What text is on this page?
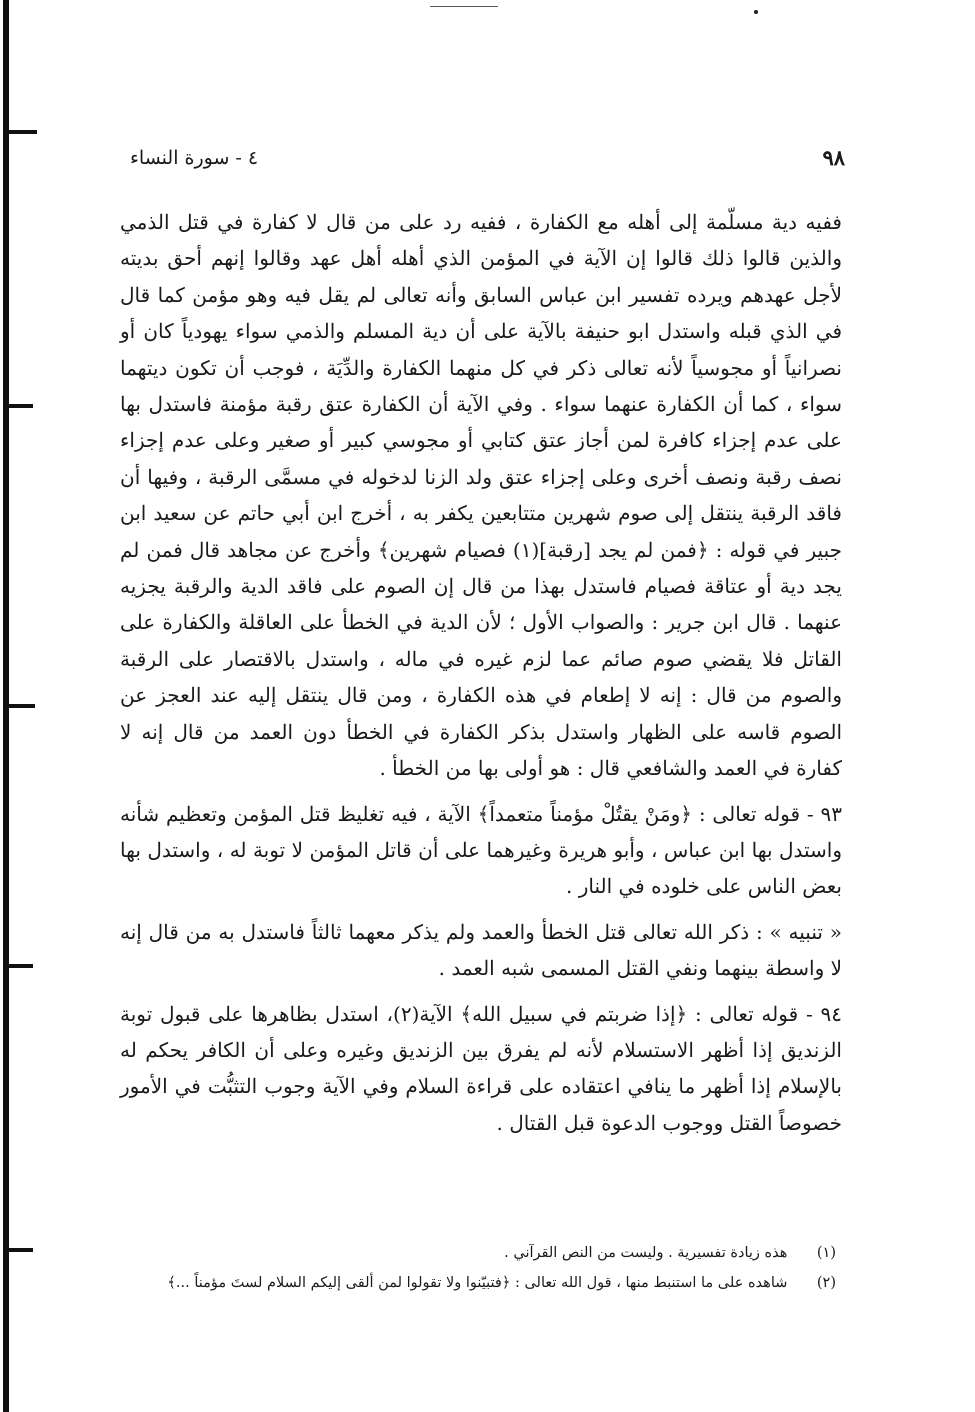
٩٨
٤ - سورة النساء

ففيه دية مسلّمة إلى أهله مع الكفارة ، ففيه رد على من قال لا كفارة في قتل الذمي والذين قالوا ذلك قالوا إن الآية في المؤمن الذي أهله أهل عهد وقالوا إنهم أحق بديته لأجل عهدهم ويرده تفسير ابن عباس السابق وأنه تعالى لم يقل فيه وهو مؤمن كما قال في الذي قبله واستدل ابو حنيفة بالآية على أن دية المسلم والذمي سواء يهودياً كان أو نصرانياً أو مجوسياً لأنه تعالى ذكر في كل منهما الكفارة والدِّيَة ، فوجب أن تكون ديتهما سواء ، كما أن الكفارة عنهما سواء . وفي الآية أن الكفارة عتق رقبة مؤمنة فاستدل بها على عدم إجزاء كافرة لمن أجاز عتق كتابي أو مجوسي كبير أو صغير وعلى عدم إجزاء نصف رقبة ونصف أخرى وعلى إجزاء عتق ولد الزنا لدخوله في مسمَّى الرقبة ، وفيها أن فاقد الرقبة ينتقل إلى صوم شهرين متتابعين يكفر به ، أخرج ابن أبي حاتم عن سعيد ابن جبير في قوله : ﴿فمن لم يجد [رقبة](١) فصيام شهرين﴾ وأخرج عن مجاهد قال فمن لم يجد دية أو عتاقة فصيام فاستدل بهذا من قال إن الصوم على فاقد الدية والرقبة يجزيه عنهما . قال ابن جرير : والصواب الأول ؛ لأن الدية في الخطأ على العاقلة والكفارة على القاتل فلا يقضي صوم صائم عما لزم غيره في ماله ، واستدل بالاقتصار على الرقبة والصوم من قال : إنه لا إطعام في هذه الكفارة ، ومن قال ينتقل إليه عند العجز عن الصوم قاسه على الظهار واستدل بذكر الكفارة في الخطأ دون العمد من قال إنه لا كفارة في العمد والشافعي قال : هو أولى بها من الخطأ .

٩٣ - قوله تعالى : ﴿ومَنْ يقتُلْ مؤمناً متعمداً﴾ الآية ، فيه تغليظ قتل المؤمن وتعظيم شأنه واستدل بها ابن عباس ، وأبو هريرة وغيرهما على أن قاتل المؤمن لا توبة له ، واستدل بها بعض الناس على خلوده في النار .

« تنبيه » : ذكر الله تعالى قتل الخطأ والعمد ولم يذكر معهما ثالثاً فاستدل به من قال إنه لا واسطة بينهما ونفي القتل المسمى شبه العمد .

٩٤ - قوله تعالى : ﴿إذا ضربتم في سبيل الله﴾ الآية(٢)، استدل بظاهرها على قبول توبة الزنديق إذا أظهر الاستسلام لأنه لم يفرق بين الزنديق وغيره وعلى أن الكافر يحكم له بالإسلام إذا أظهر ما ينافي اعتقاده على قراءة السلام وفي الآية وجوب التثبُّت في الأمور خصوصاً القتل ووجوب الدعوة قبل القتال .

(١) هذه زيادة تفسيرية . وليست من النص القرآني .
(٢) شاهده على ما استنبط منها ، قول الله تعالى : ﴿فتبيّنوا ولا تقولوا لمن ألقى إليكم السلام لستَ مؤمناً ...﴾
